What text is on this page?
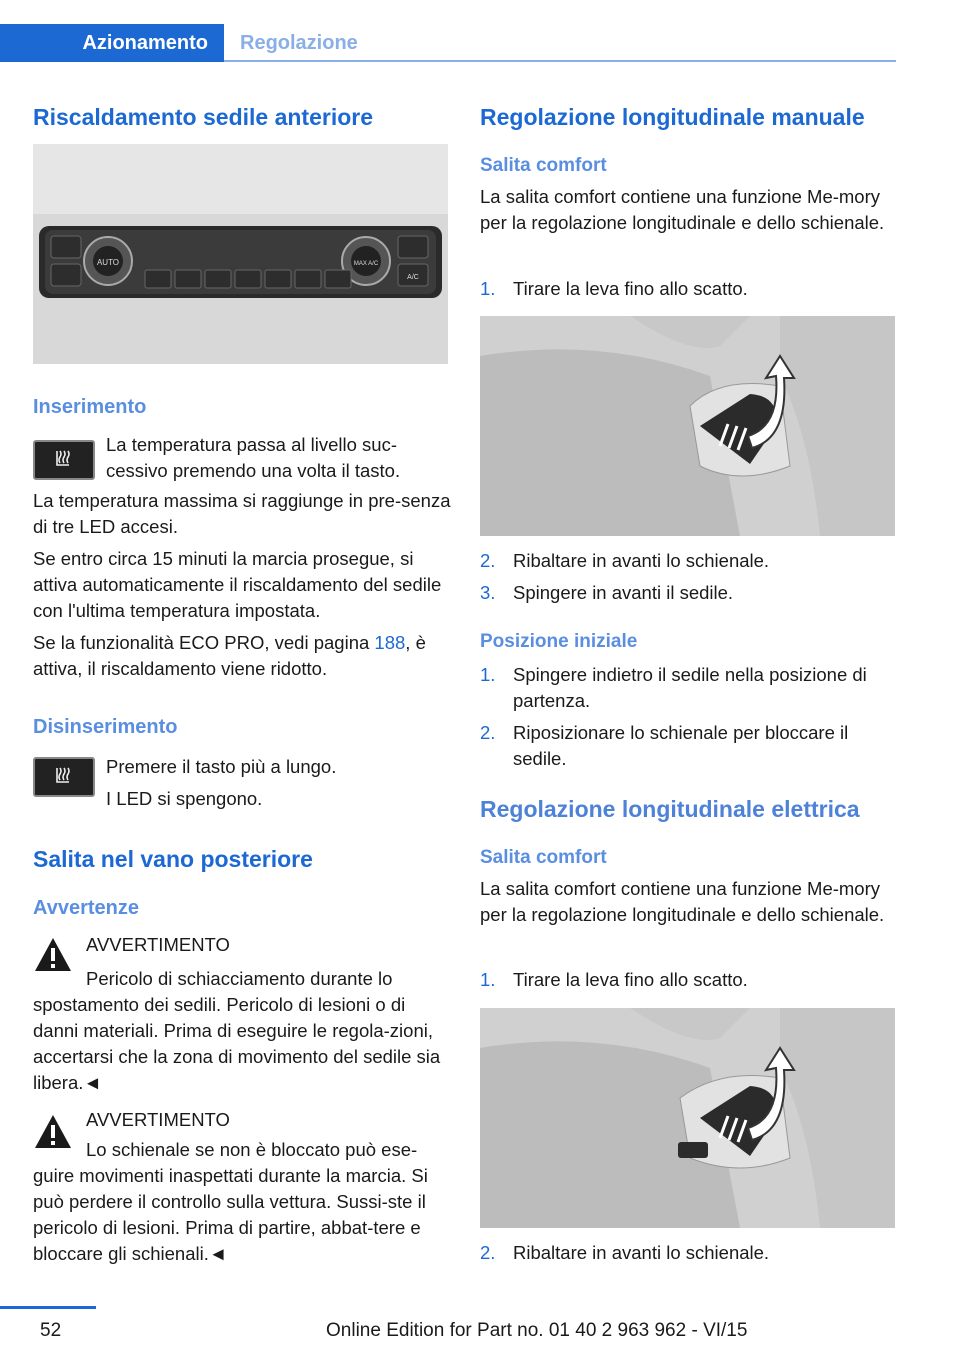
Azionamento	Regolazione
Riscaldamento sedile anteriore
AUTO	MAX A/C
A/C
Inserimento

La temperatura passa al livello suc-cessivo premendo una volta il tasto.

La temperatura massima si raggiunge in pre-senza di tre LED accesi.

Se entro circa 15 minuti la marcia prosegue, si attiva automaticamente il riscaldamento del sedile con l'ultima temperatura impostata.

Se la funzionalità ECO PRO, vedi pagina 188, è attiva, il riscaldamento viene ridotto.

Disinserimento

Premere il tasto più a lungo.

I LED si spengono.

Salita nel vano posteriore
Avvertenze

AVVERTIMENTO

Pericolo di schiacciamento durante lo spostamento dei sedili. Pericolo di lesioni o di danni materiali. Prima di eseguire le regola-zioni, accertarsi che la zona di movimento del sedile sia libera.◄

AVVERTIMENTO

Lo schienale se non è bloccato può ese-guire movimenti inaspettati durante la marcia. Si può perdere il controllo sulla vettura. Sussi-ste il pericolo di lesioni. Prima di partire, abbat-tere e bloccare gli schienali.◄

Regolazione longitudinale manuale
Salita comfort

La salita comfort contiene una funzione Me-mory per la regolazione longitudinale e dello schienale.

1. Tirare la leva fino allo scatto.
2. Ribaltare in avanti lo schienale.
3. Spingere in avanti il sedile.
Posizione iniziale
1. Spingere indietro il sedile nella posizione di partenza.
2. Riposizionare lo schienale per bloccare il sedile.
Regolazione longitudinale elettrica
Salita comfort

La salita comfort contiene una funzione Me-mory per la regolazione longitudinale e dello schienale.

1. Tirare la leva fino allo scatto.
2. Ribaltare in avanti lo schienale.
52	Online Edition for Part no. 01 40 2 963 962 - VI/15
